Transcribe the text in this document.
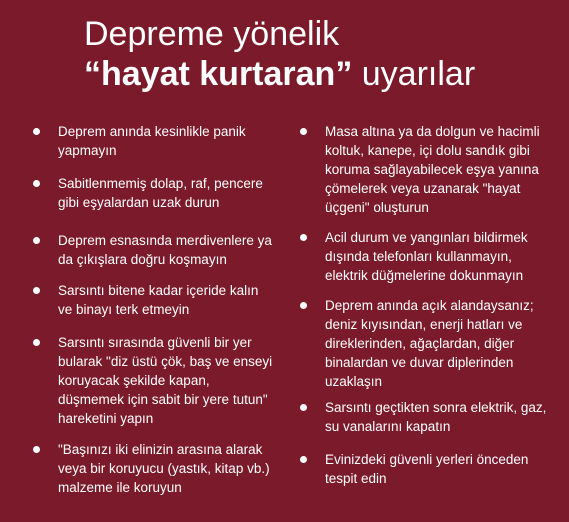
Depreme yönelik
“hayat kurtaran” uyarılar
Deprem anında kesinlikle panik yapmayın
Sabitlenmemiş dolap, raf, pencere gibi eşyalardan uzak durun
Deprem esnasında merdivenlere ya da çıkışlara doğru koşmayın
Sarsıntı bitene kadar içeride kalın ve binayı terk etmeyin
Sarsıntı sırasında güvenli bir yer bularak "diz üstü çök, baş ve enseyi koruyacak şekilde kapan, düşmemek için sabit bir yere tutun" hareketini yapın
"Başınızı iki elinizin arasına alarak veya bir koruyucu (yastık, kitap vb.) malzeme ile koruyun
Masa altına ya da dolgun ve hacimli koltuk, kanepe, içi dolu sandık gibi koruma sağlayabilecek eşya yanına çömelerek veya uzanarak "hayat üçgeni" oluşturun
Acil durum ve yangınları bildirmek dışında telefonları kullanmayın, elektrik düğmelerine dokunmayın
Deprem anında açık alandaysanız; deniz kıyısından, enerji hatları ve direklerinden, ağaçlardan, diğer binalardan ve duvar diplerinden uzaklaşın
Sarsıntı geçtikten sonra elektrik, gaz, su vanalarını kapatın
Evinizdeki güvenli yerleri önceden tespit edin
